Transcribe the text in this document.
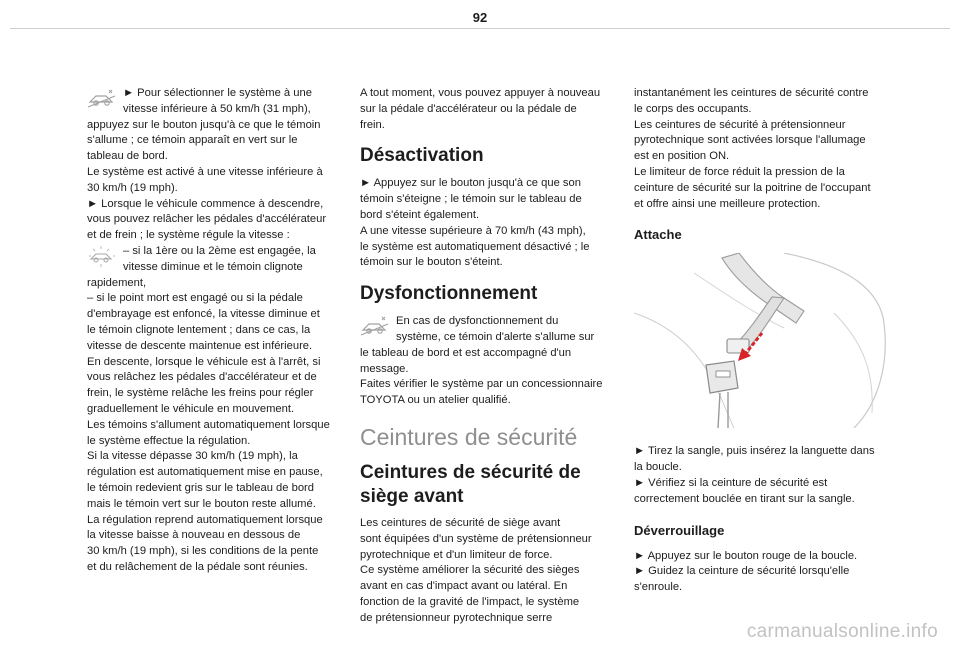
92

► Pour sélectionner le système à une

vitesse inférieure à 50 km/h (31 mph),

appuyez sur le bouton jusqu'à ce que le témoin

s'allume ; ce témoin apparaît en vert sur le

tableau de bord.

Le système est activé à une vitesse inférieure à

30 km/h (19 mph).

► Lorsque le véhicule commence à descendre,

vous pouvez relâcher les pédales d'accélérateur

et de frein ; le système régule la vitesse :

– si la 1ère ou la 2ème est engagée, la

vitesse diminue et le témoin clignote

rapidement,

– si le point mort est engagé ou si la pédale

d'embrayage est enfoncé, la vitesse diminue et

le témoin clignote lentement ; dans ce cas, la

vitesse de descente maintenue est inférieure.

En descente, lorsque le véhicule est à l'arrêt, si

vous relâchez les pédales d'accélérateur et de

frein, le système relâche les freins pour régler

graduellement le véhicule en mouvement.

Les témoins s'allument automatiquement lorsque

le système effectue la régulation.

Si la vitesse dépasse 30 km/h (19 mph), la

régulation est automatiquement mise en pause,

le témoin redevient gris sur le tableau de bord

mais le témoin vert sur le bouton reste allumé.

La régulation reprend automatiquement lorsque

la vitesse baisse à nouveau en dessous de

30 km/h (19 mph), si les conditions de la pente

et du relâchement de la pédale sont réunies.

A tout moment, vous pouvez appuyer à nouveau

sur la pédale d'accélérateur ou la pédale de

frein.

Désactivation

► Appuyez sur le bouton jusqu'à ce que son

témoin s'éteigne ; le témoin sur le tableau de

bord s'éteint également.

A une vitesse supérieure à 70 km/h (43 mph),

le système est automatiquement désactivé ; le

témoin sur le bouton s'éteint.

Dysfonctionnement

En cas de dysfonctionnement du

système, ce témoin d'alerte s'allume sur

le tableau de bord et est accompagné d'un

message.

Faites vérifier le système par un concessionnaire

TOYOTA ou un atelier qualifié.

Ceintures de sécurité
Ceintures de sécurité de
siège avant

Les ceintures de sécurité de siège avant

sont équipées d'un système de prétensionneur

pyrotechnique et d'un limiteur de force.

Ce système améliorer la sécurité des sièges

avant en cas d'impact avant ou latéral. En

fonction de la gravité de l'impact, le système

de prétensionneur pyrotechnique serre

instantanément les ceintures de sécurité contre

le corps des occupants.

Les ceintures de sécurité à prétensionneur

pyrotechnique sont activées lorsque l'allumage

est en position ON.

Le limiteur de force réduit la pression de la

ceinture de sécurité sur la poitrine de l'occupant

et offre ainsi une meilleure protection.

Attache

► Tirez la sangle, puis insérez la languette dans

la boucle.

► Vérifiez si la ceinture de sécurité est

correctement bouclée en tirant sur la sangle.

Déverrouillage

► Appuyez sur le bouton rouge de la boucle.

► Guidez la ceinture de sécurité lorsqu'elle

s'enroule.

carmanualsonline.info
